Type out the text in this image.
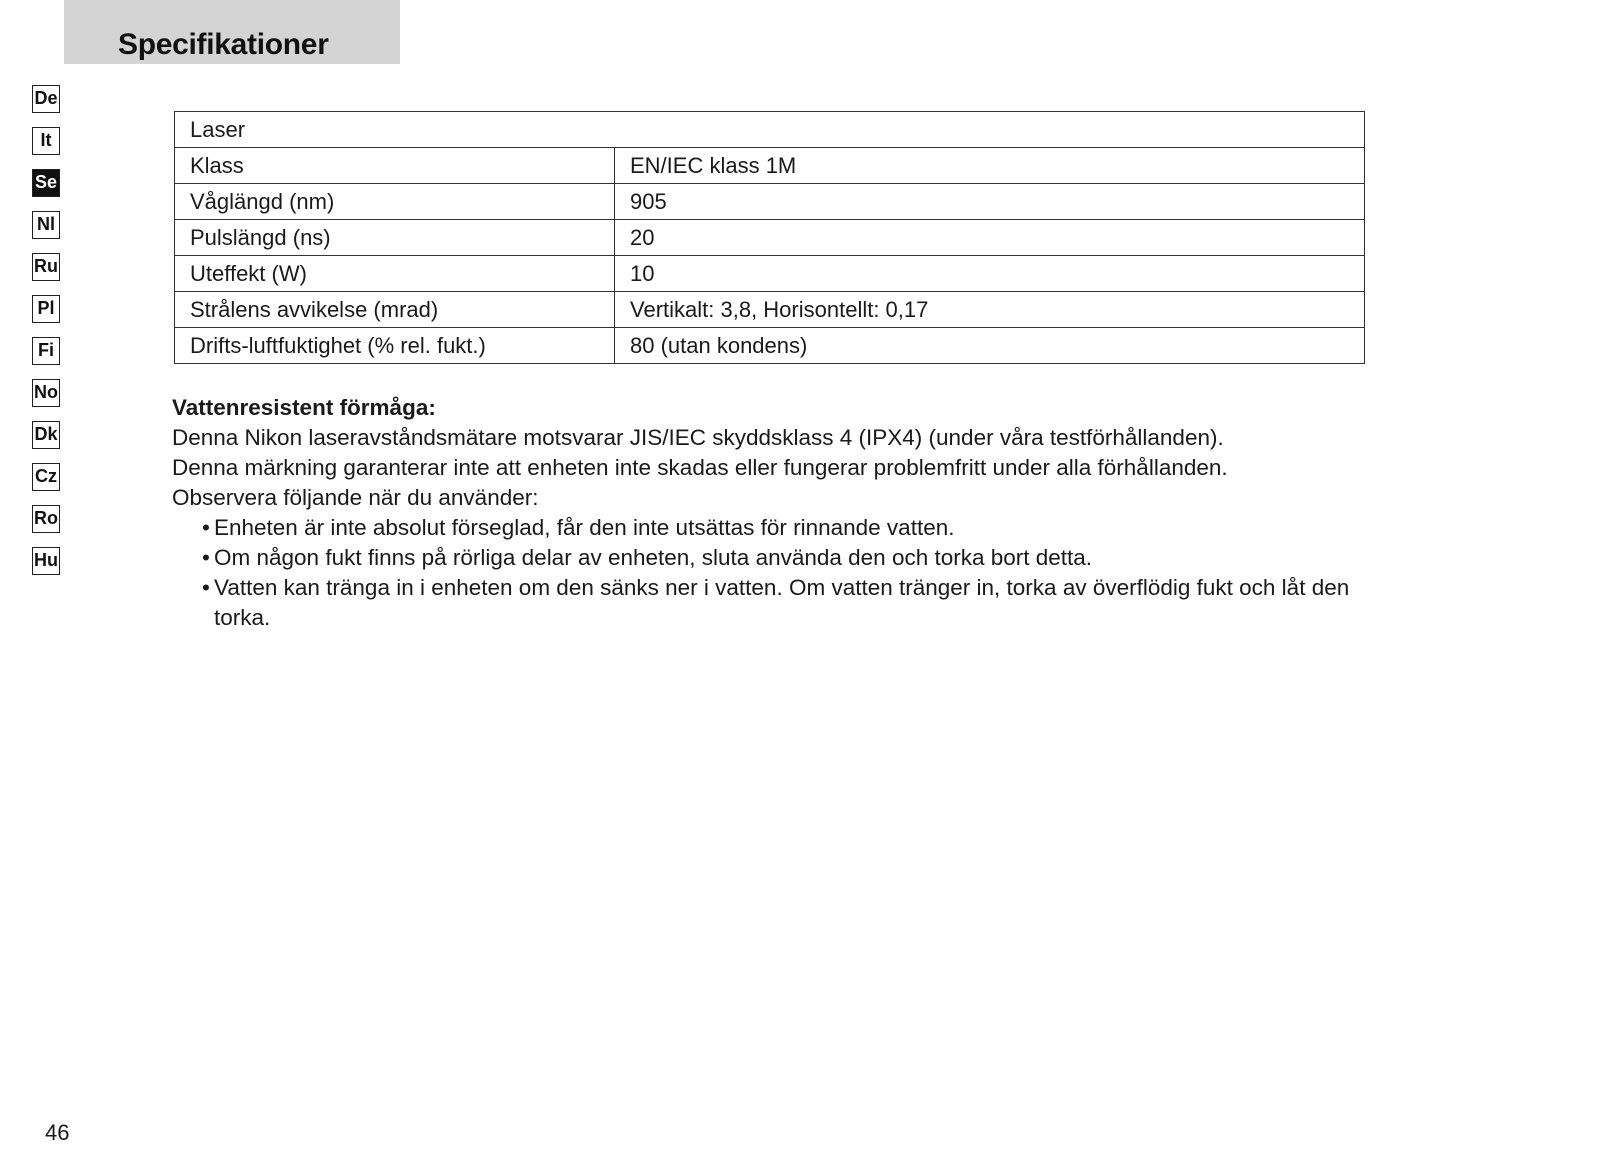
Specifikationer
De
It
Se
Nl
Ru
Pl
Fi
No
Dk
Cz
Ro
Hu
Laser	
Klass	EN/IEC klass 1M
Våglängd (nm)	905
Pulslängd (ns)	20
Uteffekt (W)	10
Strålens avvikelse (mrad)	Vertikalt: 3,8, Horisontellt: 0,17
Drifts-luftfuktighet (% rel. fukt.)	80 (utan kondens)
Vattenresistent förmåga:

Denna Nikon laseravståndsmätare motsvarar JIS/IEC skyddsklass 4 (IPX4) (under våra testförhållanden).

Denna märkning garanterar inte att enheten inte skadas eller fungerar problemfritt under alla förhållanden.

Observera följande när du använder:

• Enheten är inte absolut förseglad, får den inte utsättas för rinnande vatten.
• Om någon fukt finns på rörliga delar av enheten, sluta använda den och torka bort detta.
• Vatten kan tränga in i enheten om den sänks ner i vatten. Om vatten tränger in, torka av överflödig fukt och låt den torka.
46
